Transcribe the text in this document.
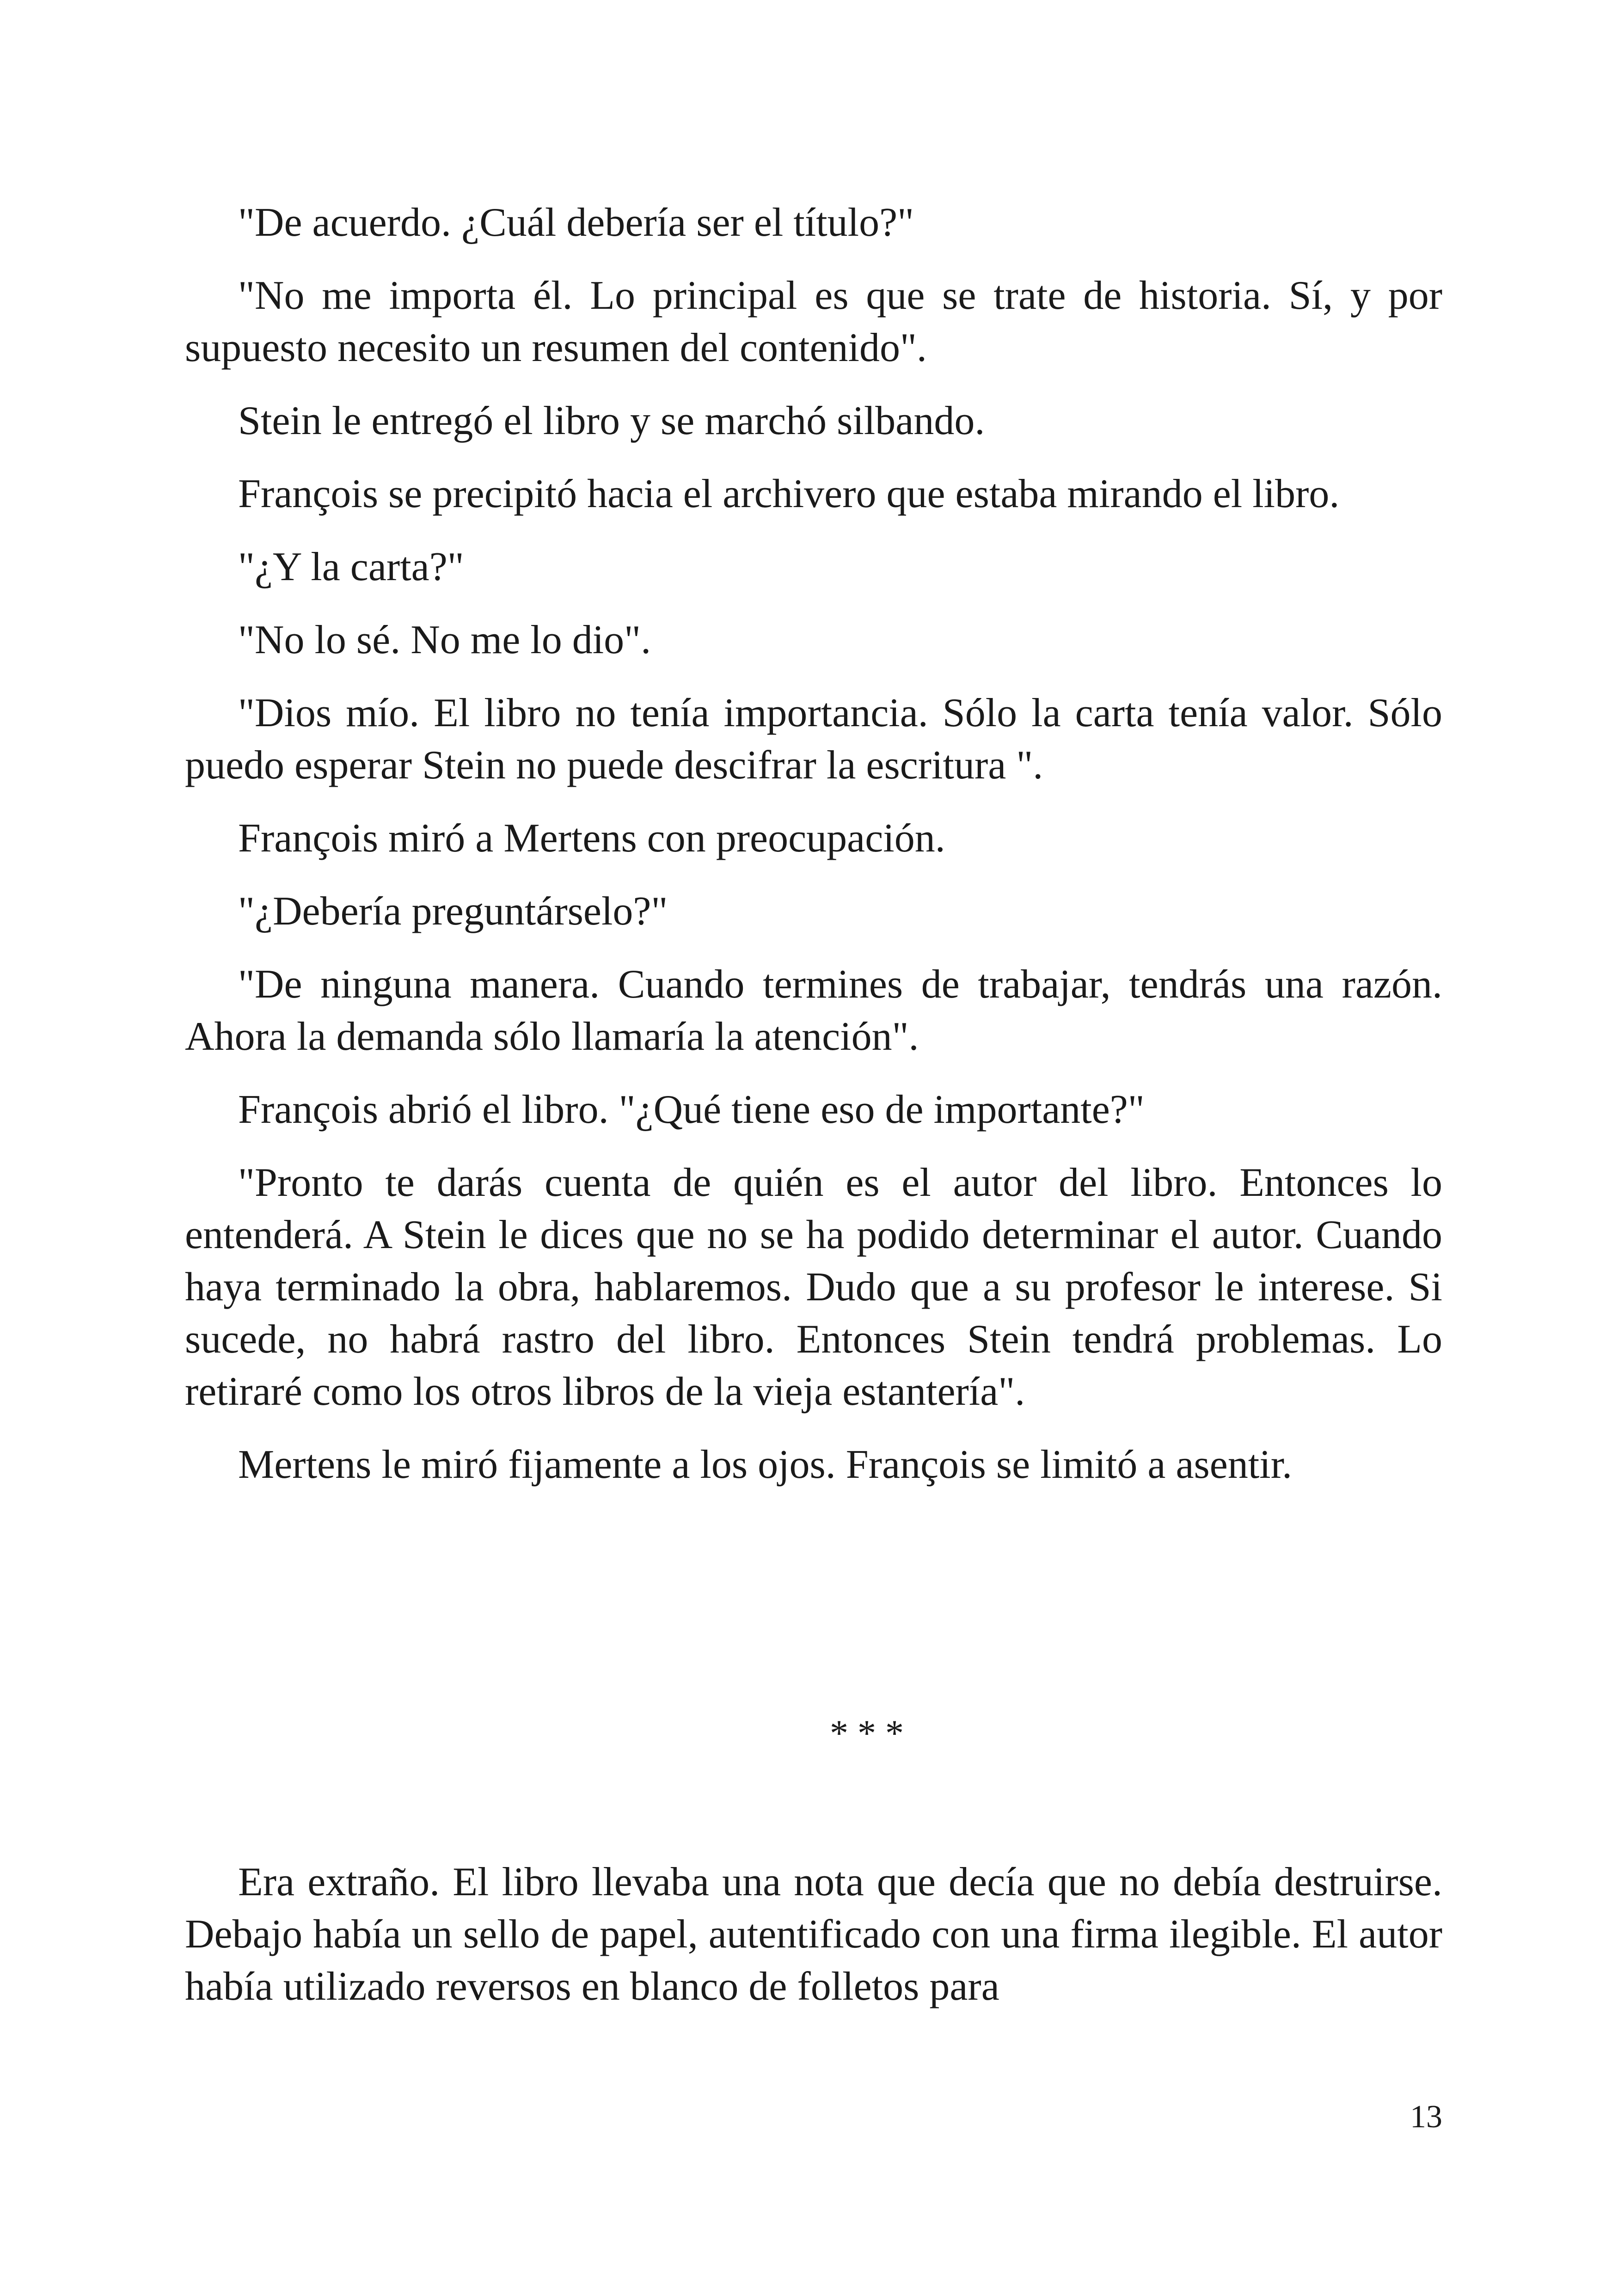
"De acuerdo. ¿Cuál debería ser el título?"

"No me importa él. Lo principal es que se trate de historia. Sí, y por supuesto necesito un resumen del contenido".

Stein le entregó el libro y se marchó silbando.

François se precipitó hacia el archivero que estaba mirando el libro.

"¿Y la carta?"

"No lo sé. No me lo dio".

"Dios mío. El libro no tenía importancia. Sólo la carta tenía valor. Sólo puedo esperar Stein no puede descifrar la escritura ".

François miró a Mertens con preocupación.

"¿Debería preguntárselo?"

"De ninguna manera. Cuando termines de trabajar, tendrás una razón. Ahora la demanda sólo llamaría la atención".

François abrió el libro. "¿Qué tiene eso de importante?"

"Pronto te darás cuenta de quién es el autor del libro. Entonces lo entenderá. A Stein le dices que no se ha podido determinar el autor. Cuando haya terminado la obra, hablaremos. Dudo que a su profesor le interese. Si sucede, no habrá rastro del libro. Entonces Stein tendrá problemas. Lo retiraré como los otros libros de la vieja estantería".

Mertens le miró fijamente a los ojos. François se limitó a asentir.

* * *

Era extraño. El libro llevaba una nota que decía que no debía destruirse. Debajo había un sello de papel, autentificado con una firma ilegible. El autor había utilizado reversos en blanco de folletos para

13
